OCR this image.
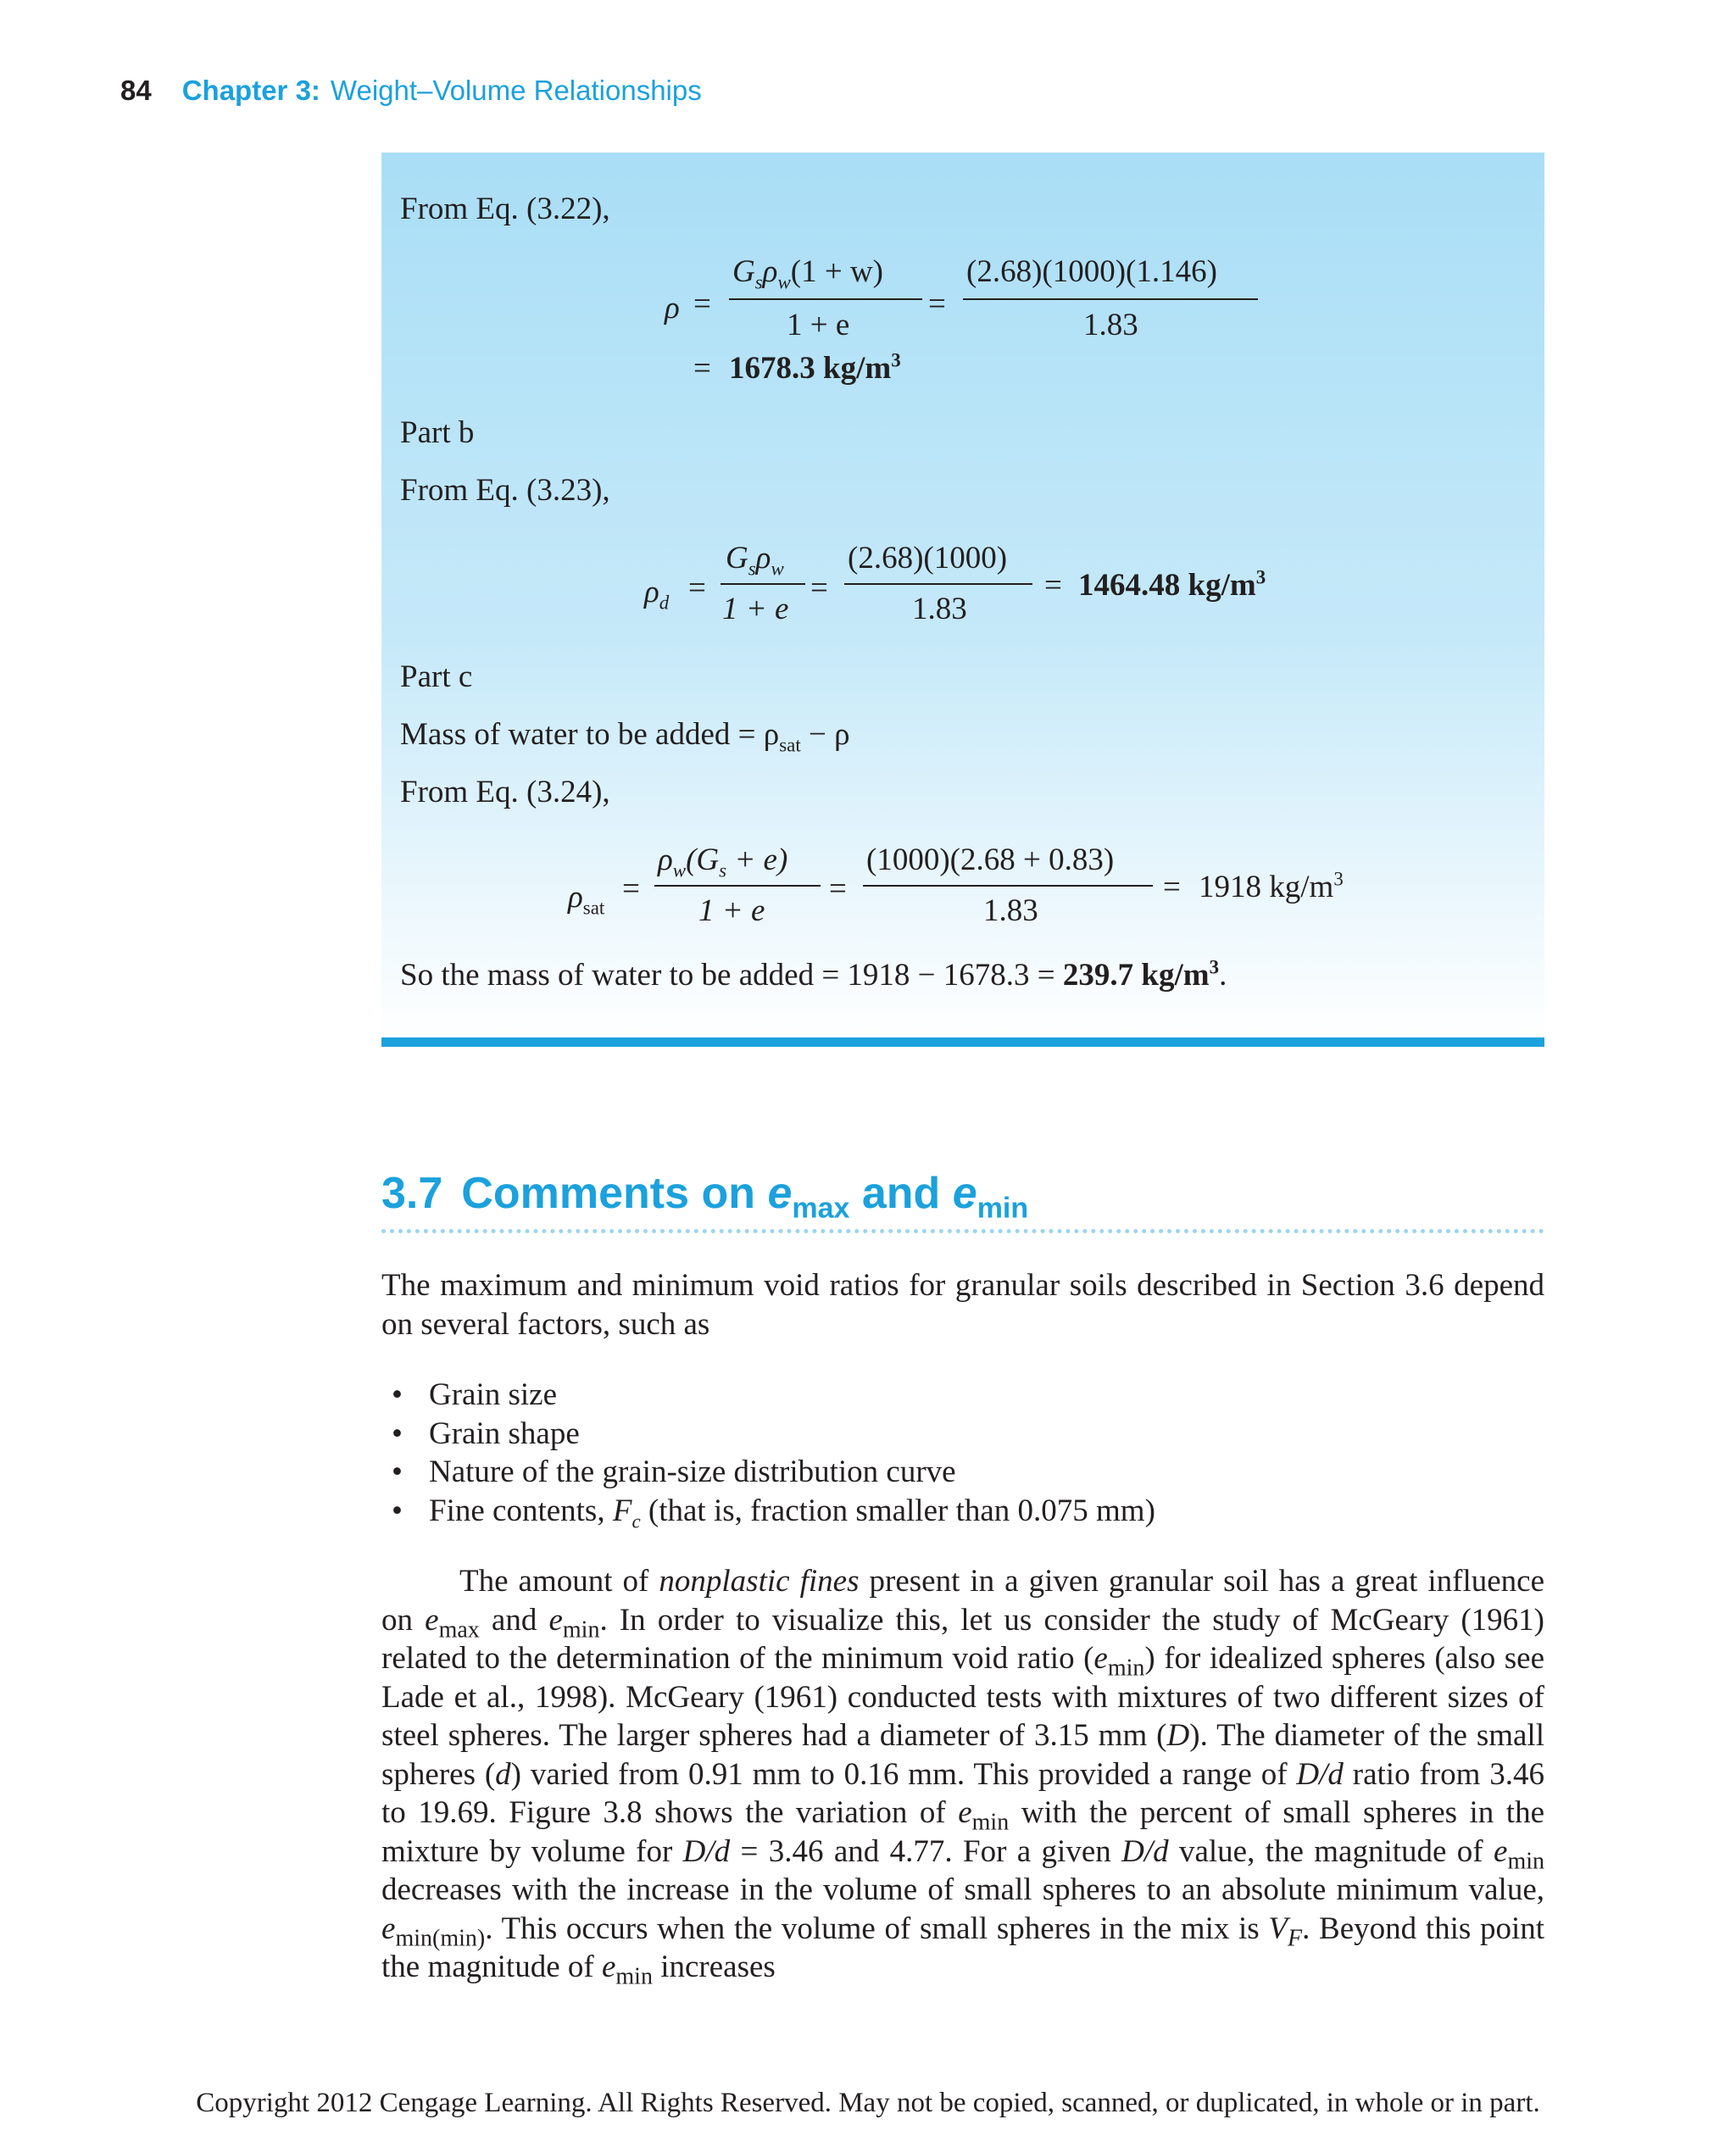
84 Chapter 3: Weight–Volume Relationships
From Eq. (3.22),
ρ =
$G_s\rho_w(1 + w)$
1 + e
=
(2.68)(1000)(1.146)
1.83
= 1678.3 $kg/m^3$
Part b
From Eq. (3.23),
$\rho_d$ =
$G_s\rho_w$
1 + e
=
(2.68)(1000)
1.83
= 1464.48 $kg/m^3$
Part c
Mass of water to be added = $\rho_{sat} - \rho$
From Eq. (3.24),
$\rho_{sat}$
=
$\rho_w(G_s + e)$
1 + e
=
(1000)(2.68 + 0.83)
1.83
= 1918 $kg/m^3$
So the mass of water to be added = 1918 − 1678.3 = 239.7 $kg/m^3$.
3.7 Comments on $e_{max}$ and $e_{min}$

The maximum and minimum void ratios for granular soils described in Section 3.6 depend on several factors, such as

• Grain size
• Grain shape
• Nature of the grain-size distribution curve
• Fine contents, $F_c$ (that is, fraction smaller than 0.075 mm)

The amount of nonplastic fines present in a given granular soil has a great influence on $e_{max}$ and $e_{min}$. In order to visualize this, let us consider the study of McGeary (1961) related to the determination of the minimum void ratio $(e_{min})$ for idealized spheres (also see Lade et al., 1998). McGeary (1961) conducted tests with mixtures of two different sizes of steel spheres. The larger spheres had a diameter of 3.15 mm (D). The diameter of the small spheres (d) varied from 0.91 mm to 0.16 mm. This provided a range of D/d ratio from 3.46 to 19.69. Figure 3.8 shows the variation of $e_{min}$ with the percent of small spheres in the mixture by volume for D/d = 3.46 and 4.77. For a given D/d value, the magnitude of $e_{min}$ decreases with the increase in the volume of small spheres to an absolute minimum value, $e_{min(min)}$. This occurs when the volume of small spheres in the mix is $V_F$. Beyond this point the magnitude of $e_{min}$ increases

Copyright 2012 Cengage Learning. All Rights Reserved. May not be copied, scanned, or duplicated, in whole or in part.
